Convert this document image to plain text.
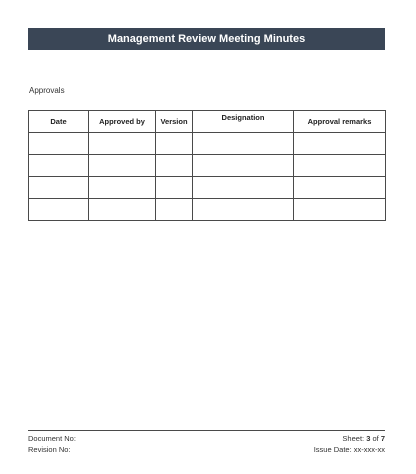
Management Review Meeting Minutes
Approvals
Date	Approved by	Version	Designation	Approval remarks

Document No:	Sheet: 3 of 7
Revision No:	Issue Date: xx-xxx-xx
